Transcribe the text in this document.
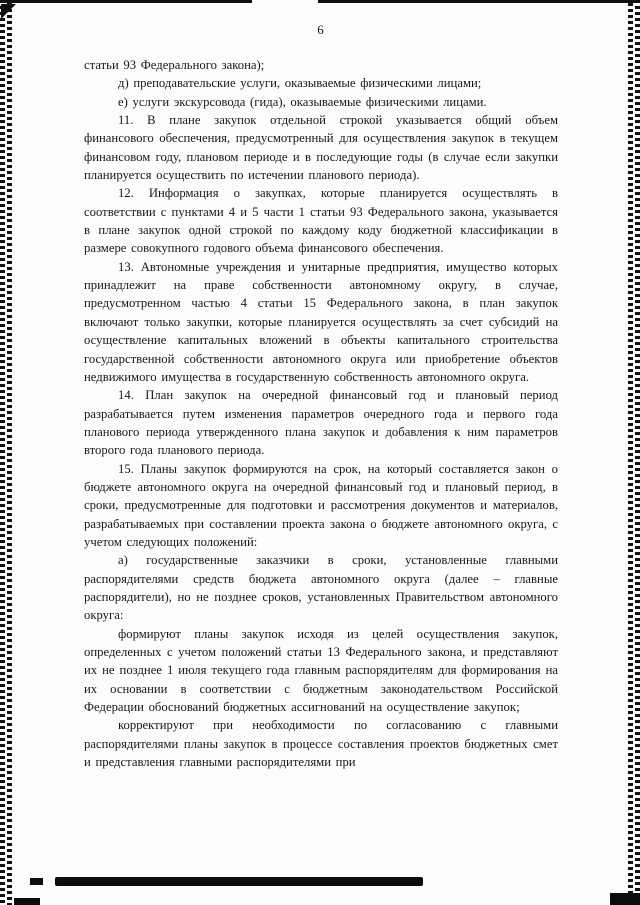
6

статьи 93 Федерального закона);

д) преподавательские услуги, оказываемые физическими лицами;

е) услуги экскурсовода (гида), оказываемые физическими лицами.

11. В плане закупок отдельной строкой указывается общий объем финансового обеспечения, предусмотренный для осуществления закупок в текущем финансовом году, плановом периоде и в последующие годы (в случае если закупки планируется осуществить по истечении планового периода).

12. Информация о закупках, которые планируется осуществлять в соответствии с пунктами 4 и 5 части 1 статьи 93 Федерального закона, указывается в плане закупок одной строкой по каждому коду бюджетной классификации в размере совокупного годового объема финансового обеспечения.

13. Автономные учреждения и унитарные предприятия, имущество которых принадлежит на праве собственности автономному округу, в случае, предусмотренном частью 4 статьи 15 Федерального закона, в план закупок включают только закупки, которые планируется осуществлять за счет субсидий на осуществление капитальных вложений в объекты капитального строительства государственной собственности автономного округа или приобретение объектов недвижимого имущества в государственную собственность автономного округа.

14. План закупок на очередной финансовый год и плановый период разрабатывается путем изменения параметров очередного года и первого года планового периода утвержденного плана закупок и добавления к ним параметров второго года планового периода.

15. Планы закупок формируются на срок, на который составляется закон о бюджете автономного округа на очередной финансовый год и плановый период, в сроки, предусмотренные для подготовки и рассмотрения документов и материалов, разрабатываемых при составлении проекта закона о бюджете автономного округа, с учетом следующих положений:

а) государственные заказчики в сроки, установленные главными распорядителями средств бюджета автономного округа (далее – главные распорядители), но не позднее сроков, установленных Правительством автономного округа:

формируют планы закупок исходя из целей осуществления закупок, определенных с учетом положений статьи 13 Федерального закона, и представляют их не позднее 1 июля текущего года главным распорядителям для формирования на их основании в соответствии с бюджетным законодательством Российской Федерации обоснований бюджетных ассигнований на осуществление закупок;

корректируют при необходимости по согласованию с главными распорядителями планы закупок в процессе составления проектов бюджетных смет и представления главными распорядителями при
